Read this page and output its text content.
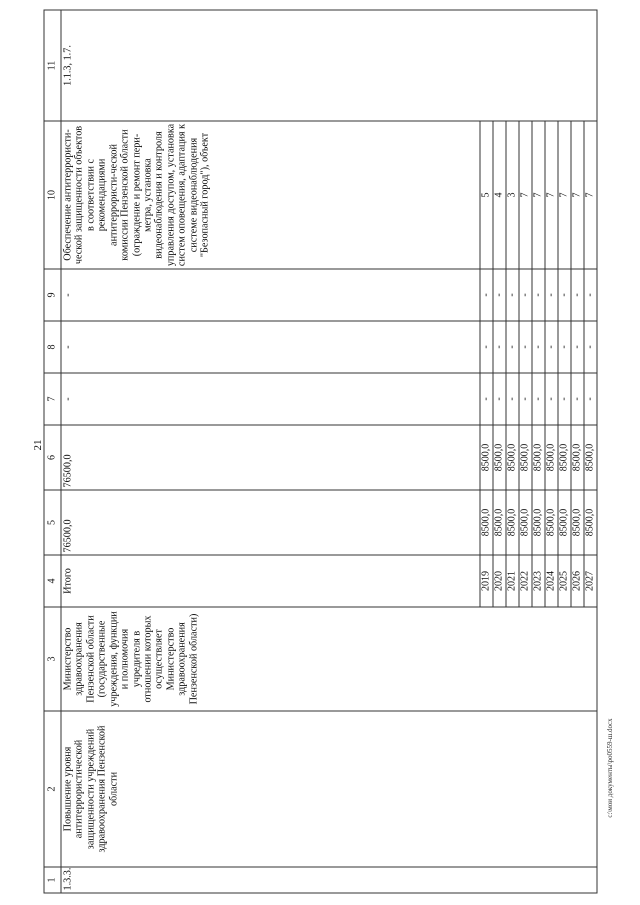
21
1	2	3	4	5	6	7	8	9	10	11
1.3.3.	Повышение уровня антитеррористической защищенности учреждений здравоохранения Пензенской области	Министерство здравоохранения Пензенской области (государственные учреждения, функции и полномочия учредителя в отношении которых осуществляет Министерство здравоохранения Пензенской области)	Итого	76500,0	76500,0	-	-	-	Обеспечение антитеррористи-ческой защищенности объектов в соответствии с рекомендациями антитеррористи-ческой комиссии Пензенской области (ограждение и ремонт пери-метра, установка видеонаблюдения и контроля управления доступом, установка систем оповещения, адаптация к системе видеонаблюдения "Безопасный город"), объект	1.1.3, 1.7.
			2019	8500,0	8500,0	-	-	-	5	
			2020	8500,0	8500,0	-	-	-	4	
			2021	8500,0	8500,0	-	-	-	3	
			2022	8500,0	8500,0	-	-	-	7	
			2023	8500,0	8500,0	-	-	-	7	
			2024	8500,0	8500,0	-	-	-	7	
			2025	8500,0	8500,0	-	-	-	7	
			2026	8500,0	8500,0	-	-	-	7	
			2027	8500,0	8500,0	-	-	-	7	
c:\мои документы\ро0559-ш.docx
